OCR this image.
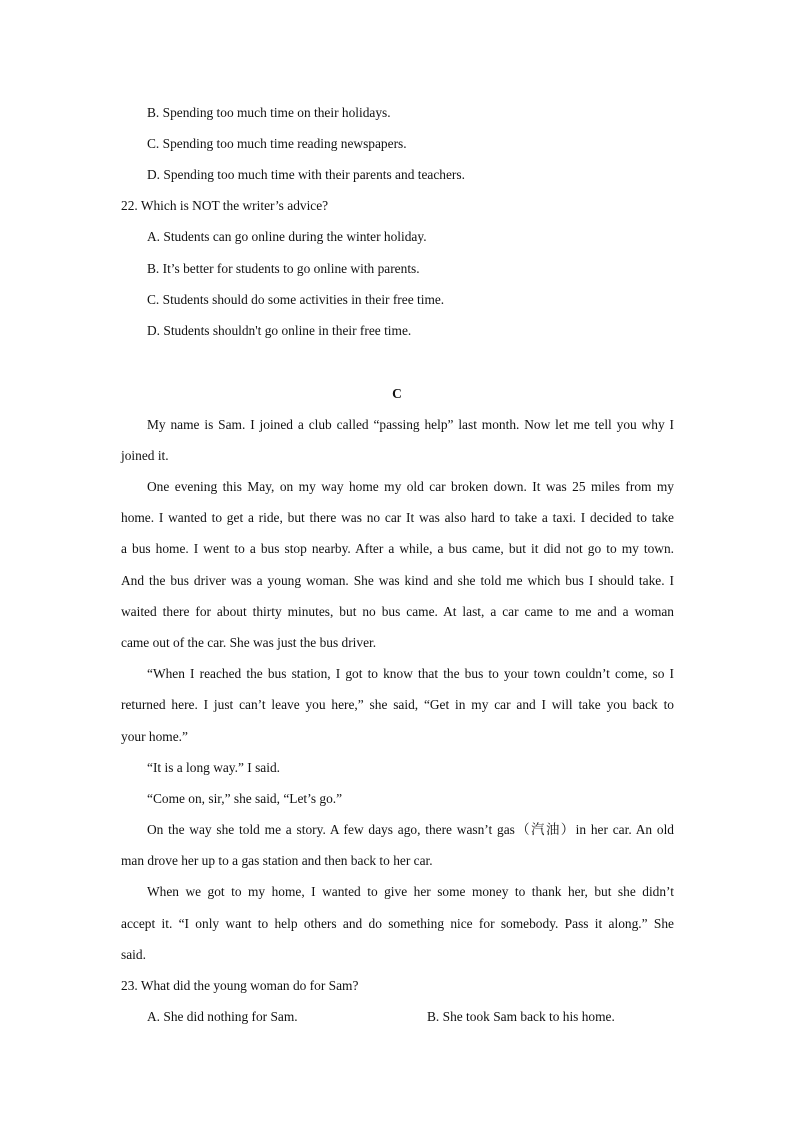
B. Spending too much time on their holidays.
C. Spending too much time reading newspapers.
D. Spending too much time with their parents and teachers.
22. Which is NOT the writer’s advice?
A. Students can go online during the winter holiday.
B. It’s better for students to go online with parents.
C. Students should do some activities in their free time.
D. Students shouldn't go online in their free time.
C
My name is Sam. I joined a club called “passing help” last month. Now let me tell you why I
joined it.
One evening this May, on my way home my old car broken down. It was 25 miles from my
home. I wanted to get a ride, but there was no car It was also hard to take a taxi. I decided to take
a bus home. I went to a bus stop nearby. After a while, a bus came, but it did not go to my town.
And the bus driver was a young woman. She was kind and she told me which bus I should take. I
waited there for about thirty minutes, but no bus came. At last, a car came to me and a woman
came out of the car. She was just the bus driver.
“When I reached the bus station, I got to know that the bus to your town couldn’t come, so I
returned here. I just can’t leave you here,” she said, “Get in my car and I will take you back to
your home.”
“It is a long way.” I said.
“Come on, sir,” she said, “Let’s go.”
On the way she told me a story. A few days ago, there wasn’t gas（汽油）in her car. An old
man drove her up to a gas station and then back to her car.
When we got to my home, I wanted to give her some money to thank her, but she didn’t
accept it. “I only want to help others and do something nice for somebody. Pass it along.” She
said.
23. What did the young woman do for Sam?
A. She did nothing for Sam.	B. She took Sam back to his home.
